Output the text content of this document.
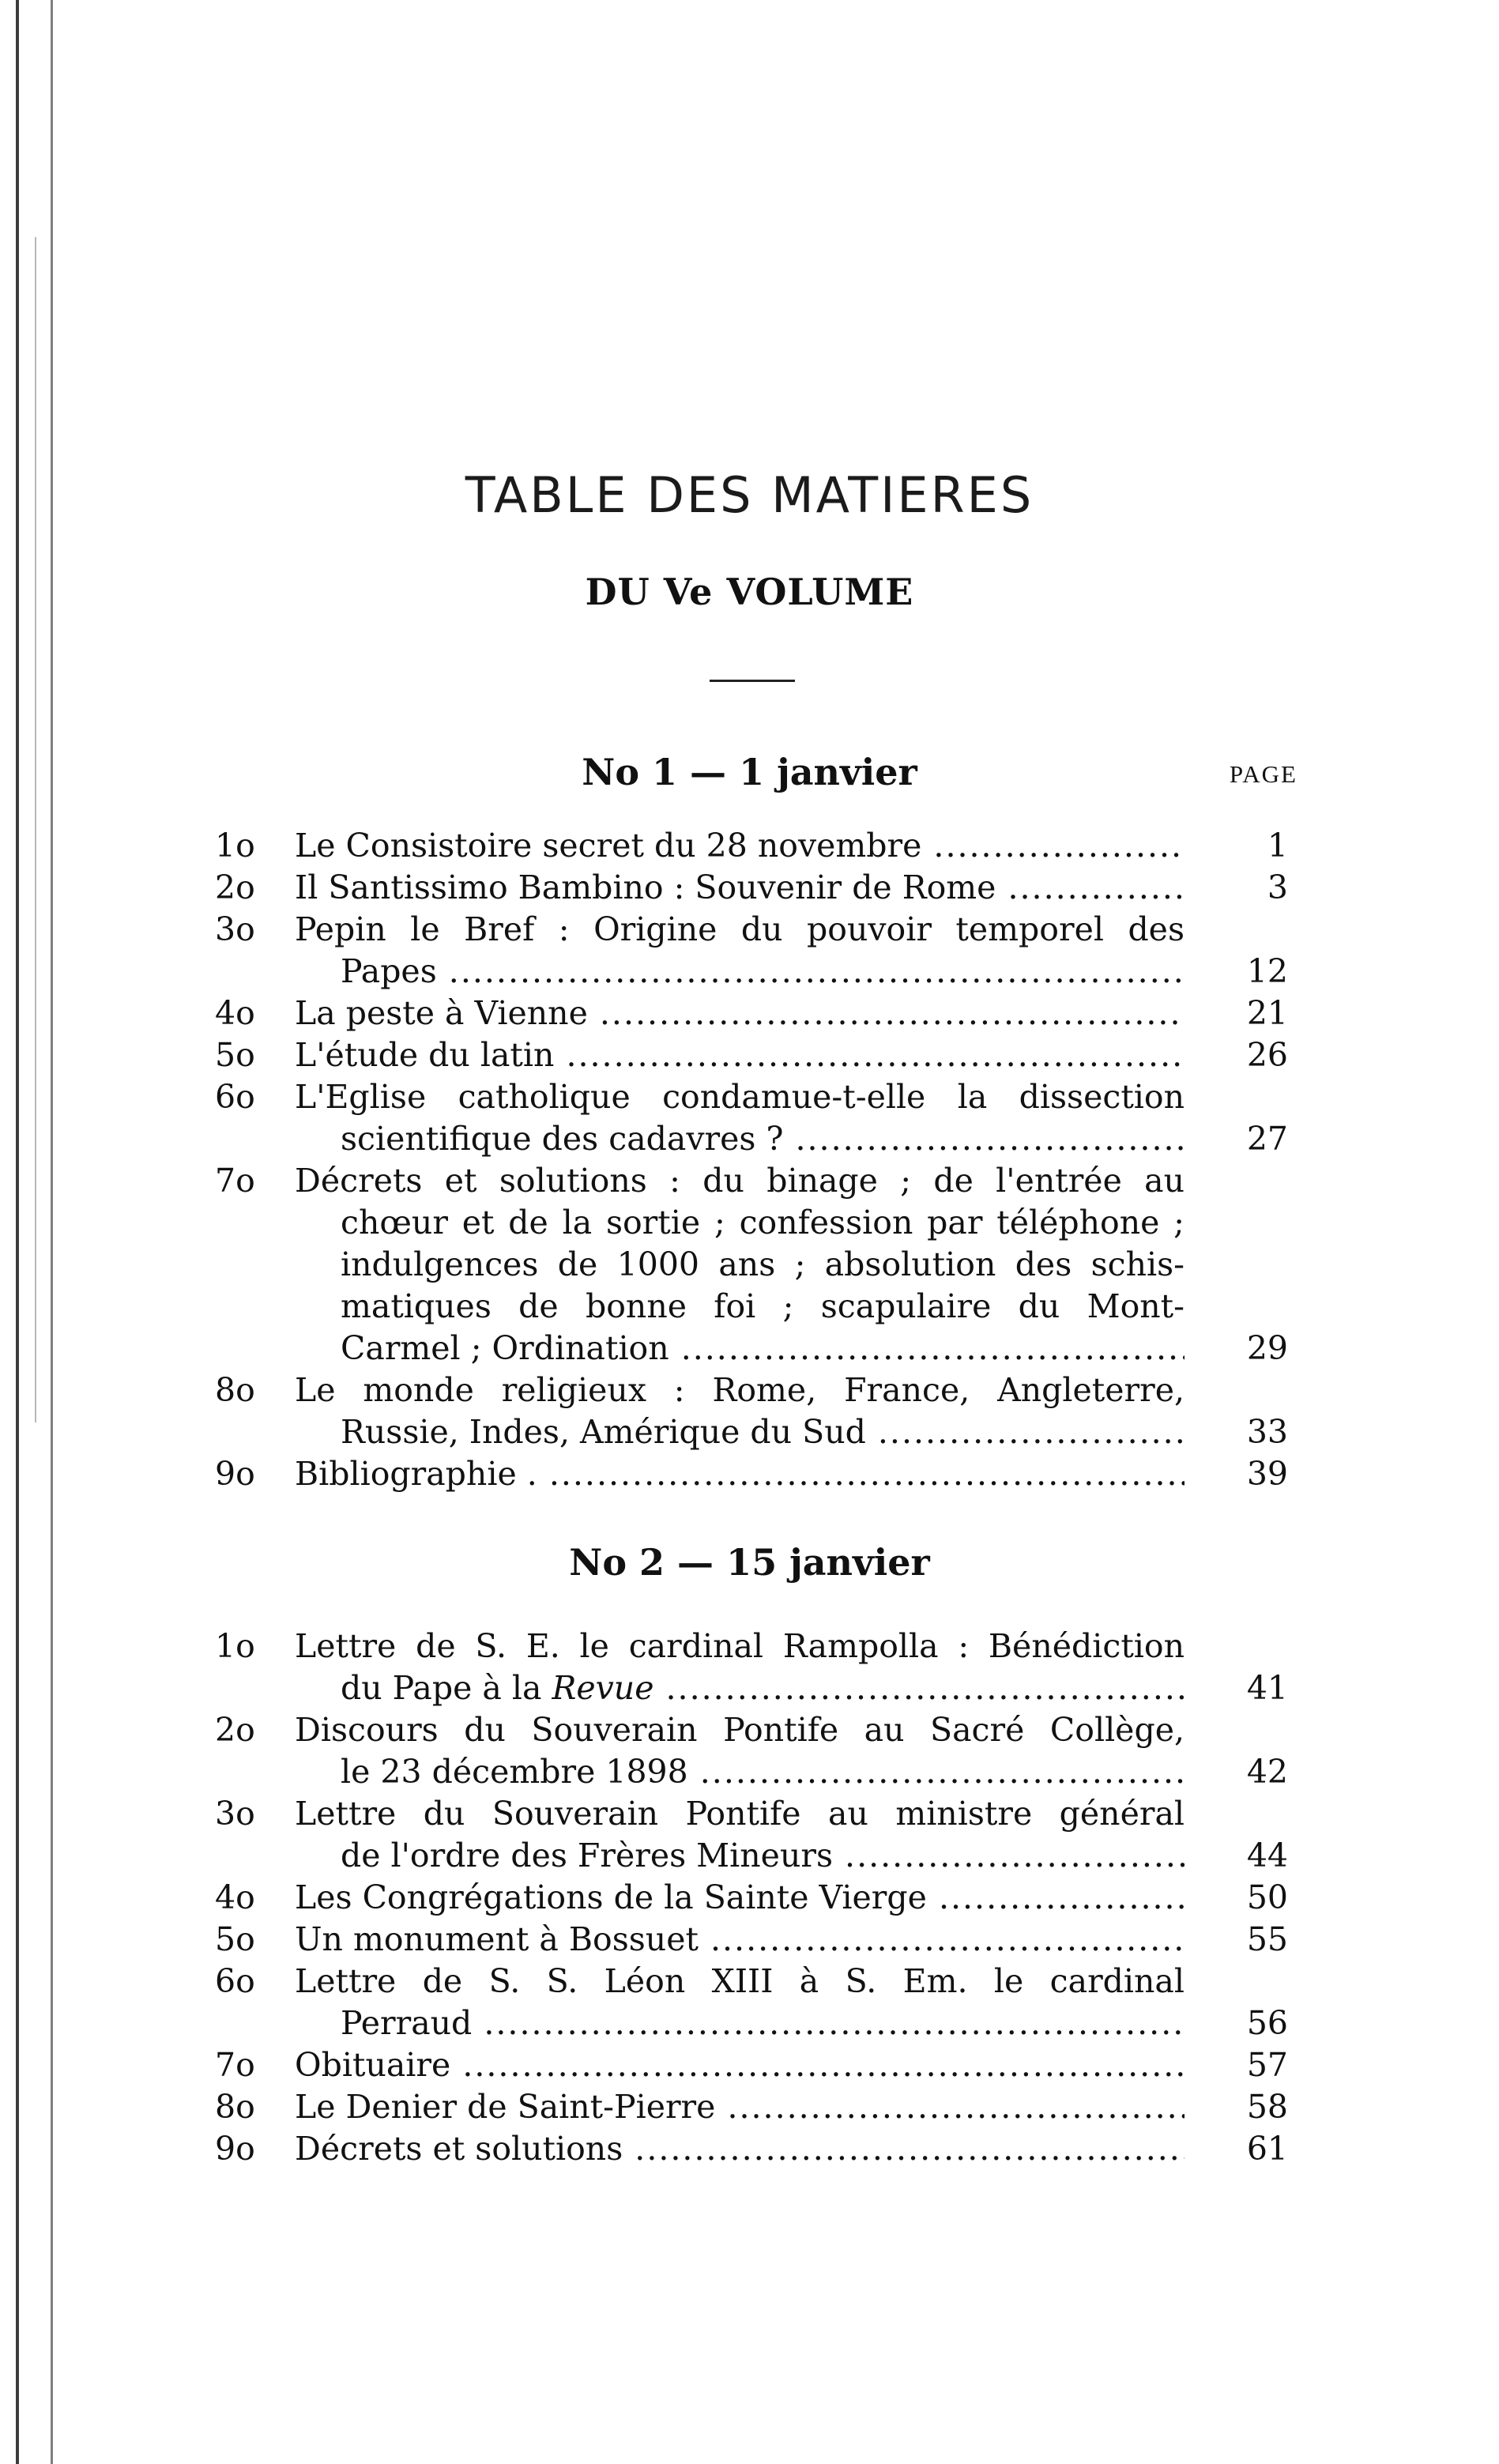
TABLE DES MATIERES
DU Ve VOLUME
No 1 — 1 janvier	PAGE
1o	Le Consistoire secret du 28 novembre .....	1
2o	Il Santissimo Bambino : Souvenir de Rome .....	3
3o	Pepin le Bref : Origine du pouvoir temporel des
Papes .....	12
4o	La peste à Vienne .....	21
5o	L'étude du latin .....	26
6o	L'Eglise catholique condamue-t-elle la dissection
scientifique des cadavres ? .....	27
7o	Décrets et solutions : du binage ; de l'entrée au
chœur et de la sortie ; confession par téléphone ;
indulgences de 1000 ans ; absolution des schis-
matiques de bonne foi ; scapulaire du Mont-
Carmel ; Ordination .....	29
8o	Le monde religieux : Rome, France, Angleterre,
Russie, Indes, Amérique du Sud .....	33
9o	Bibliographie . .....	39
No 2 — 15 janvier
1o	Lettre de S. E. le cardinal Rampolla : Bénédiction
du Pape à la Revue .....	41
2o	Discours du Souverain Pontife au Sacré Collège,
le 23 décembre 1898 .....	42
3o	Lettre du Souverain Pontife au ministre général
de l'ordre des Frères Mineurs .....	44
4o	Les Congrégations de la Sainte Vierge .....	50
5o	Un monument à Bossuet .....	55
6o	Lettre de S. S. Léon XIII à S. Em. le cardinal
Perraud .....	56
7o	Obituaire .....	57
8o	Le Denier de Saint-Pierre .....	58
9o	Décrets et solutions .....	61
